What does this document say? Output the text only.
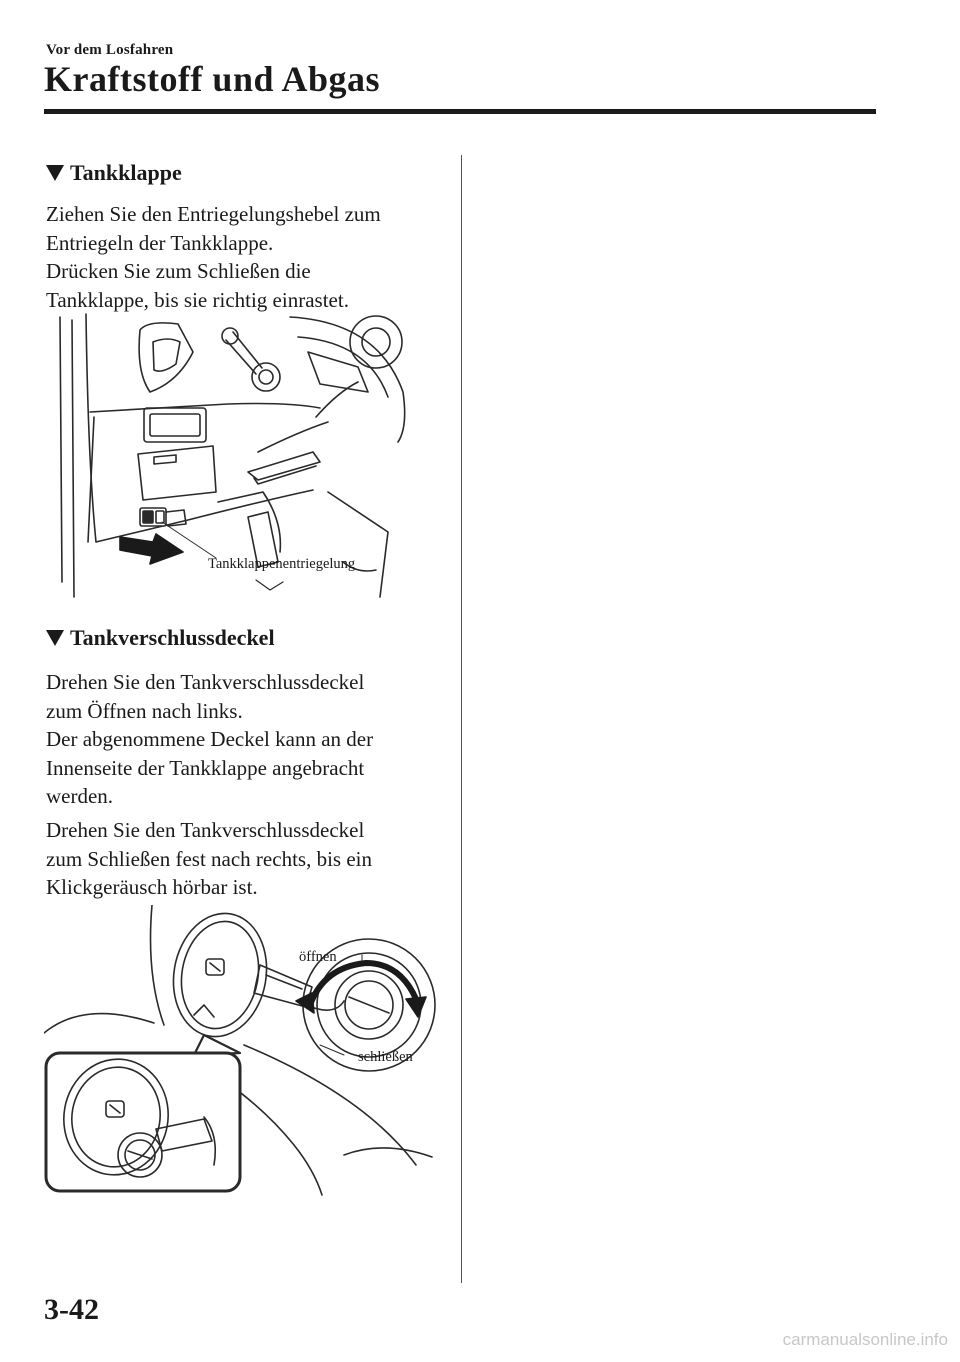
Vor dem Losfahren
Kraftstoff und Abgas
Tankklappe

Ziehen Sie den Entriegelungshebel zum
Entriegeln der Tankklappe.
Drücken Sie zum Schließen die
Tankklappe, bis sie richtig einrastet.

Tankklappenentriegelung
Tankverschlussdeckel

Drehen Sie den Tankverschlussdeckel
zum Öffnen nach links.
Der abgenommene Deckel kann an der
Innenseite der Tankklappe angebracht
werden.

Drehen Sie den Tankverschlussdeckel
zum Schließen fest nach rechts, bis ein
Klickgeräusch hörbar ist.

öffnen
schließen
3-42
carmanualsonline.info
